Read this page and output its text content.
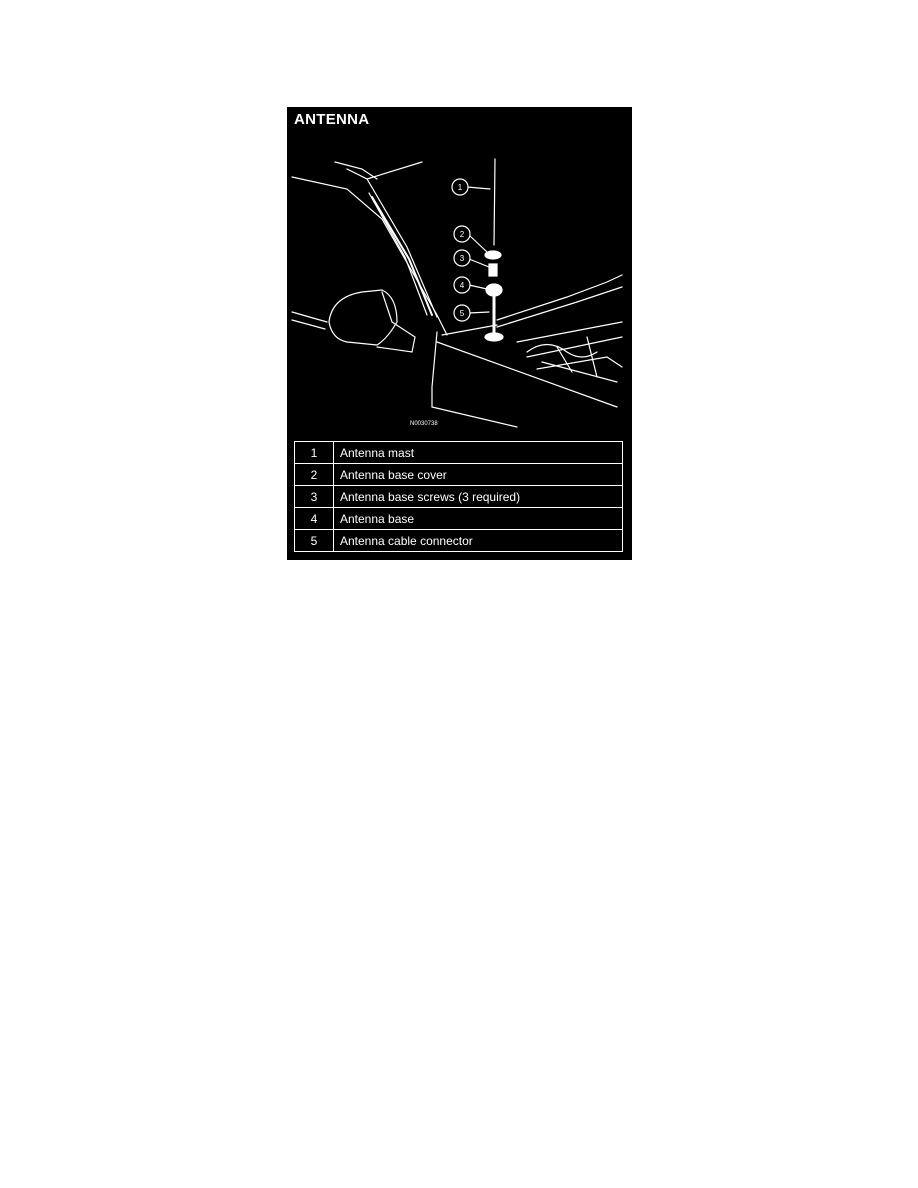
1
2
3
4
5
ANTENNA
N0030738
1	Antenna mast
2	Antenna base cover
3	Antenna base screws (3 required)
4	Antenna base
5	Antenna cable connector
